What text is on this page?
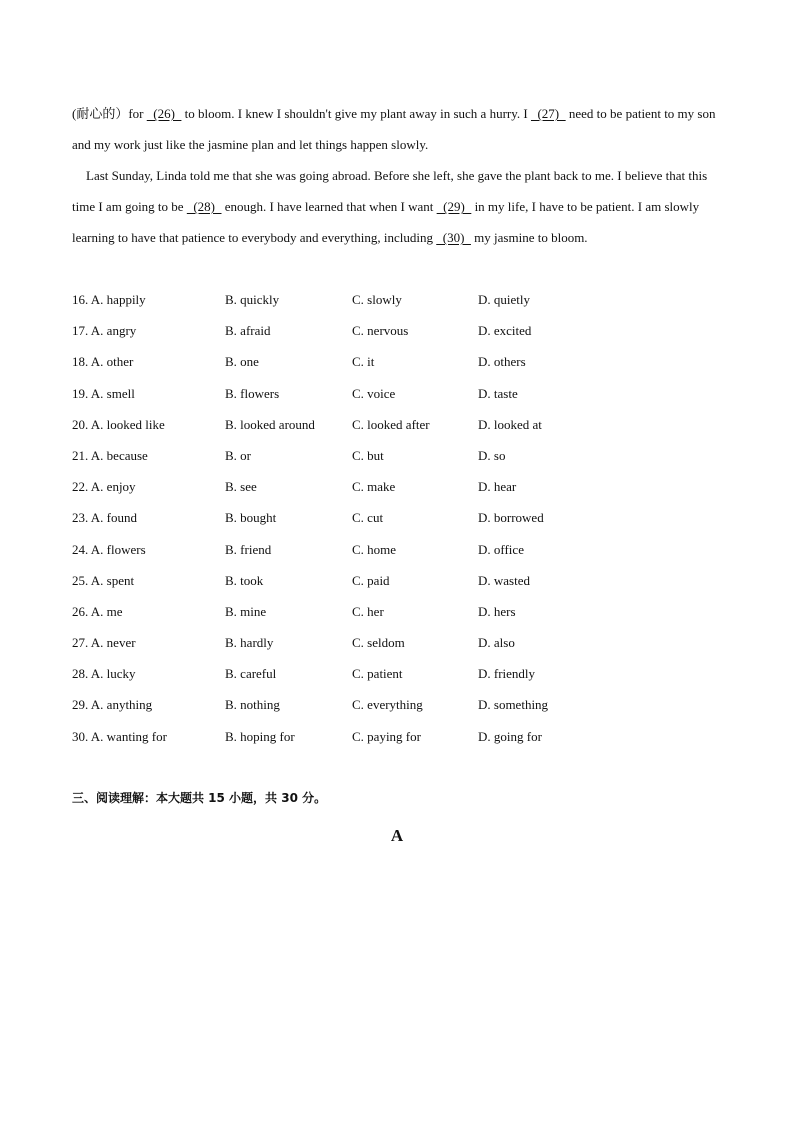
(耐心的）for   (26)   to bloom. I knew I shouldn't give my plant away in such a hurry. I   (27)   need to be patient to my son and my work just like the jasmine plan and let things happen slowly.

Last Sunday, Linda told me that she was going abroad. Before she left, she gave the plant back to me. I believe that this time I am going to be   (28)   enough. I have learned that when I want   (29)   in my life, I have to be patient. I am slowly learning to have that patience to everybody and everything, including   (30)   my jasmine to bloom.

16. A. happily	B. quickly	C. slowly	D. quietly
17. A. angry	B. afraid	C. nervous	D. excited
18. A. other	B. one	C. it	D. others
19. A. smell	B. flowers	C. voice	D. taste
20. A. looked like	B. looked around	C. looked after	D. looked at
21. A. because	B. or	C. but	D. so
22. A. enjoy	B. see	C. make	D. hear
23. A. found	B. bought	C. cut	D. borrowed
24. A. flowers	B. friend	C. home	D. office
25. A. spent	B. took	C. paid	D. wasted
26. A. me	B. mine	C. her	D. hers
27. A. never	B. hardly	C. seldom	D. also
28. A. lucky	B. careful	C. patient	D. friendly
29. A. anything	B. nothing	C. everything	D. something
30. A. wanting for	B. hoping for	C. paying for	D. going for
三、阅读理解：本大题共 15 小题，共 30 分。
A
